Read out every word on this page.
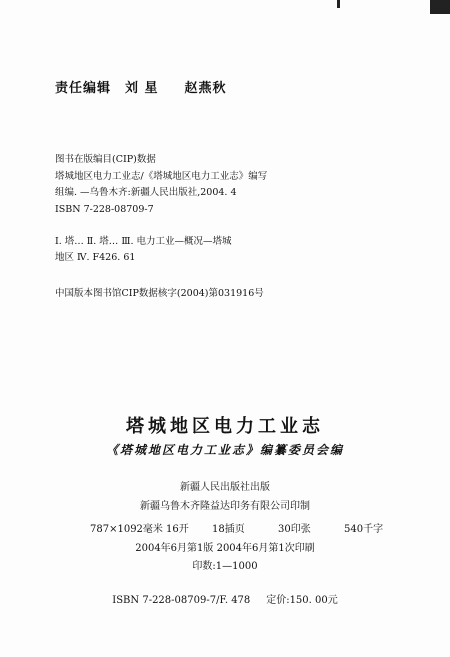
责任编辑 刘 星 赵燕秋
图书在版编目(CIP)数据
塔城地区电力工业志/《塔城地区电力工业志》编写
组编. —乌鲁木齐:新疆人民出版社,2004. 4
ISBN 7-228-08709-7
Ⅰ. 塔… Ⅱ. 塔… Ⅲ. 电力工业—概况—塔城
地区 Ⅳ. F426. 61
中国版本图书馆CIP数据核字(2004)第031916号
塔城地区电力工业志
《塔城地区电力工业志》编纂委员会编
新疆人民出版社出版
新疆乌鲁木齐隆益达印务有限公司印制
787×1092毫米 16开 18插页	30印张	540千字
2004年6月第1版 2004年6月第1次印刷
印数:1—1000
ISBN 7-228-08709-7/F. 478 定价:150. 00元
